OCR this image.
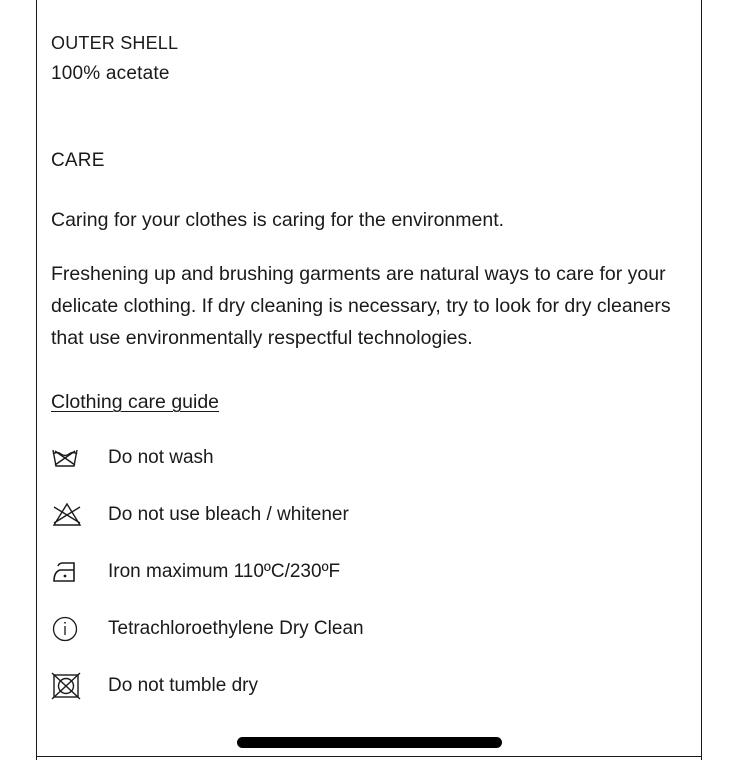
OUTER SHELL
100% acetate
CARE
Caring for your clothes is caring for the environment.
Freshening up and brushing garments are natural ways to care for your delicate clothing. If dry cleaning is necessary, try to look for dry cleaners that use environmentally respectful technologies.
Clothing care guide
Do not wash
Do not use bleach / whitener
Iron maximum 110ºC/230ºF
Tetrachloroethylene Dry Clean
Do not tumble dry
